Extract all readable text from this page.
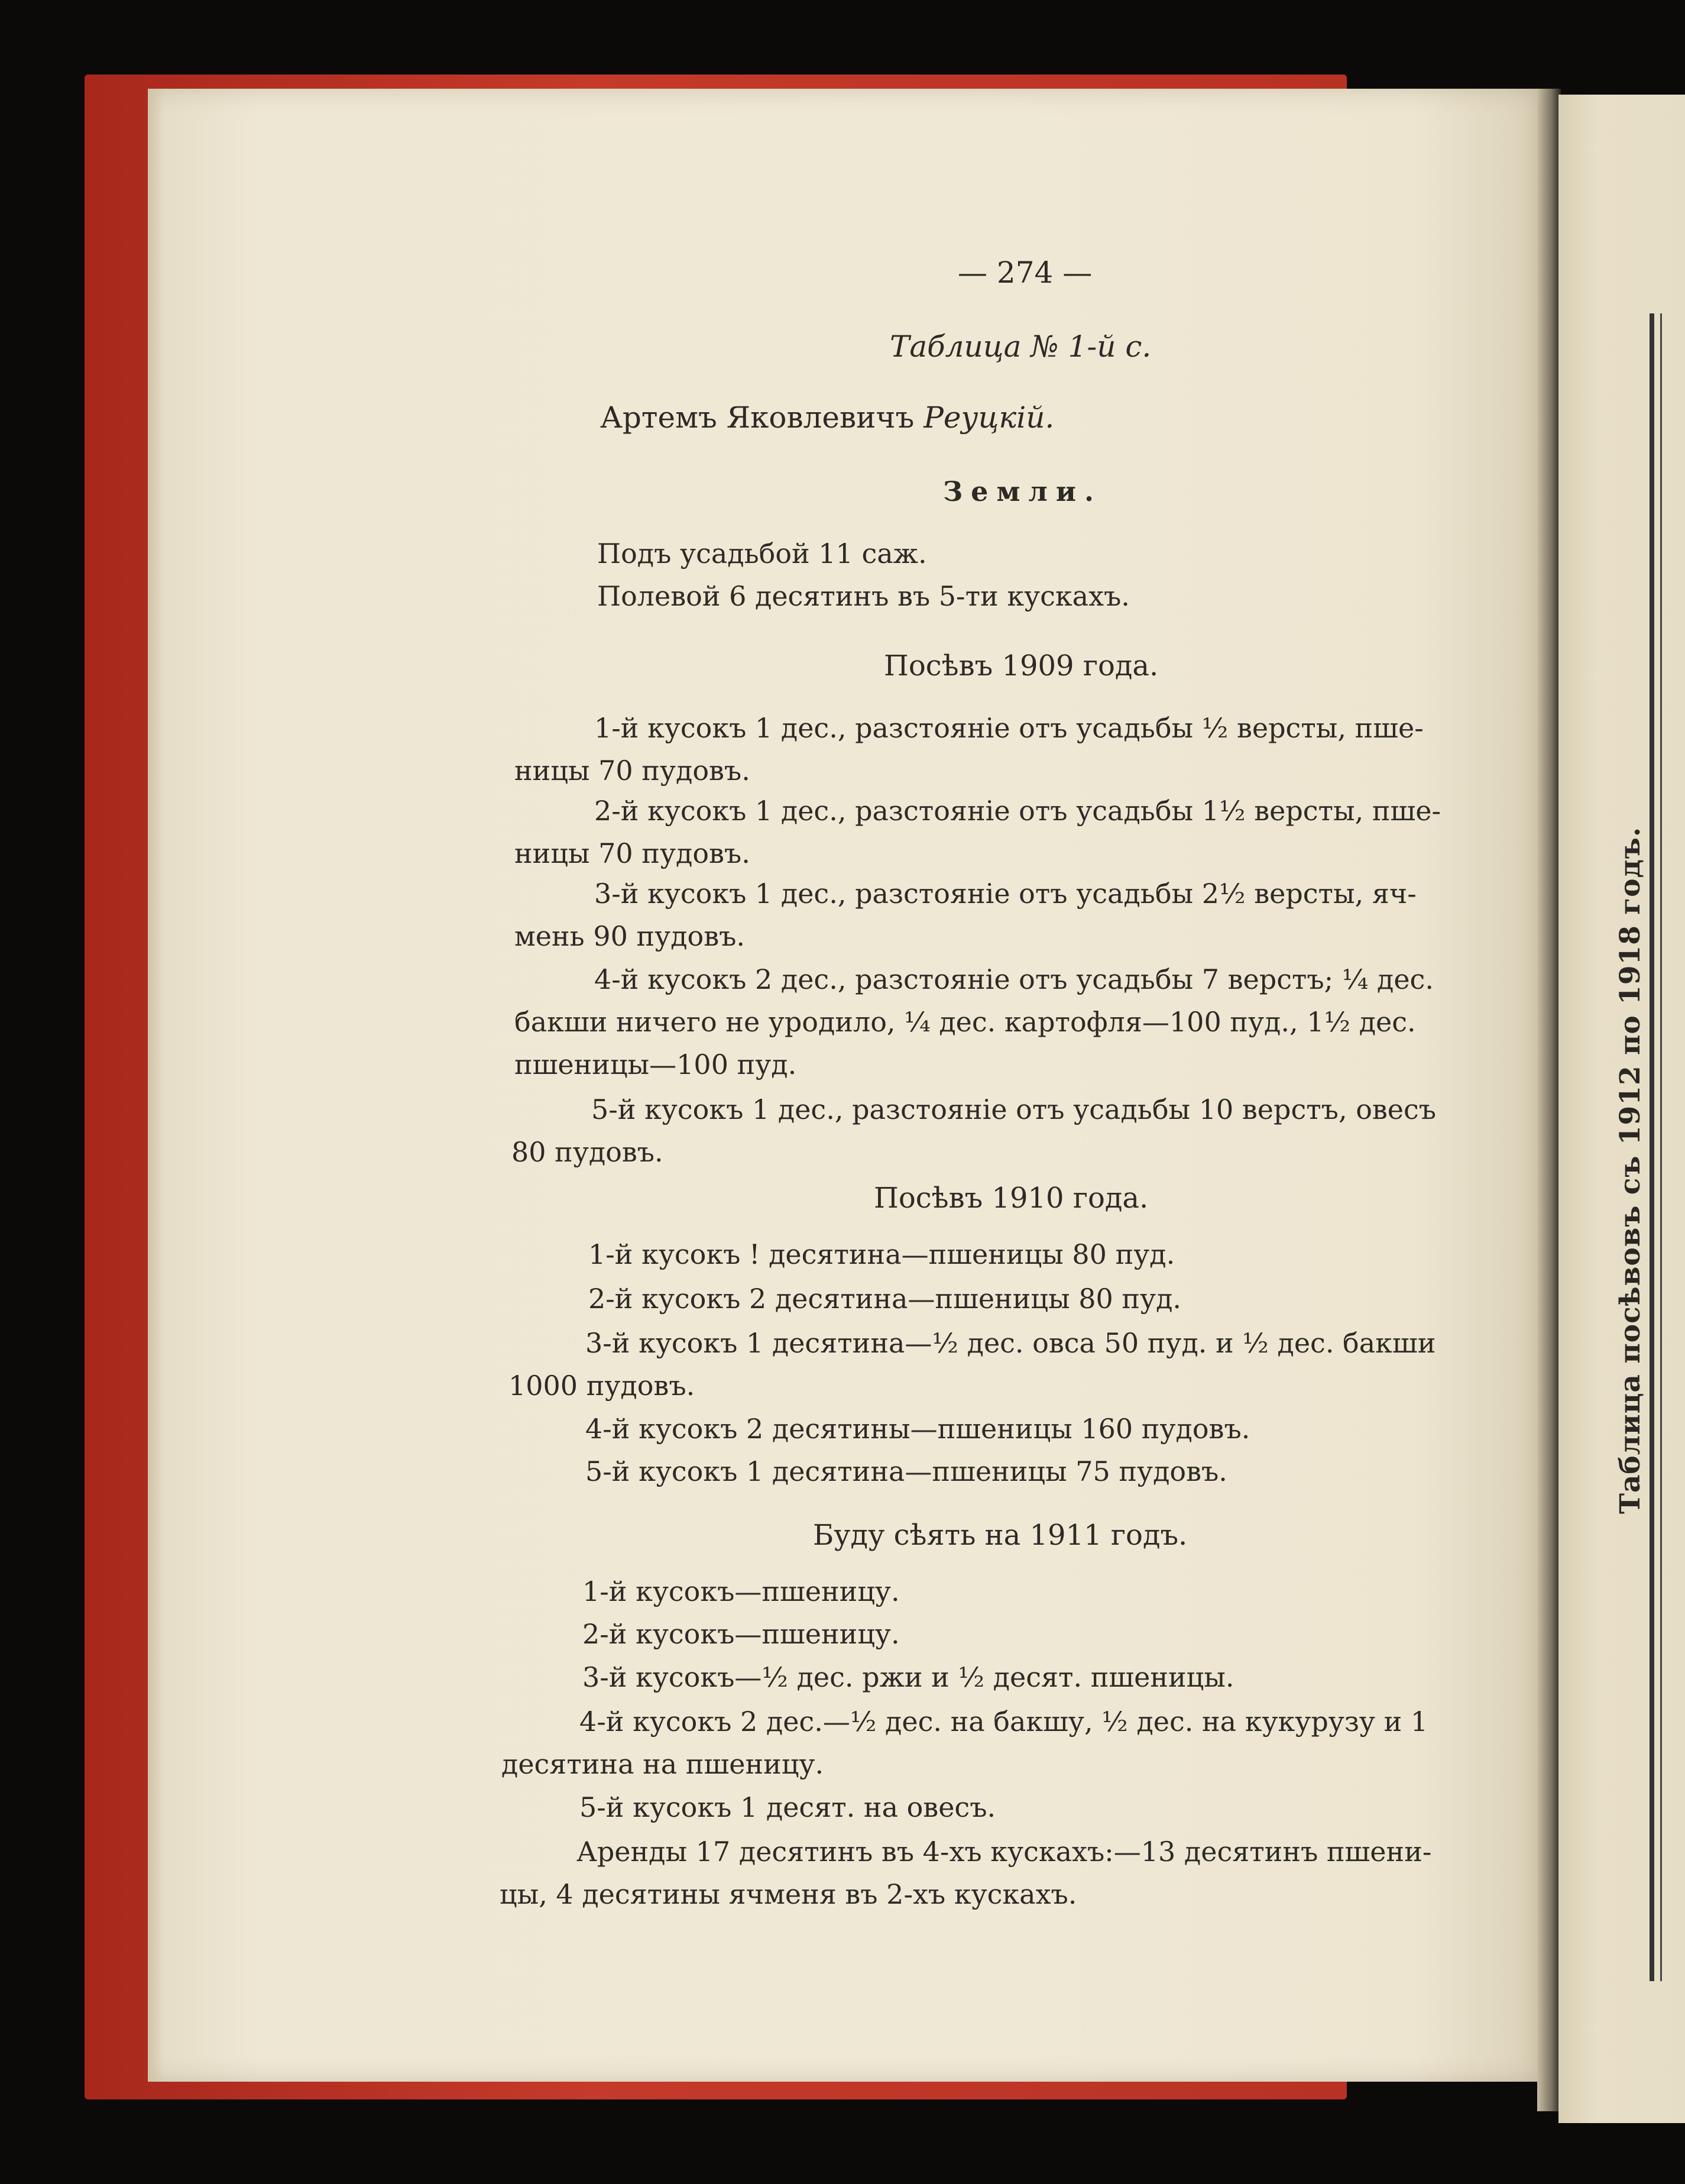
Таблица посѣвовъ съ 1912 по 1918 годъ.
— 274 —
Таблица № 1-й с.
Артемъ Яковлевичъ Реуцкій.
Земли.
Подъ усадьбой 11 саж.
Полевой 6 десятинъ въ 5-ти кускахъ.
Посѣвъ 1909 года.
1-й кусокъ 1 дес., разстояніе отъ усадьбы ½ версты, пше-
ницы 70 пудовъ.
2-й кусокъ 1 дес., разстояніе отъ усадьбы 1½ версты, пше-
ницы 70 пудовъ.
3-й кусокъ 1 дес., разстояніе отъ усадьбы 2½ версты, яч-
мень 90 пудовъ.
4-й кусокъ 2 дес., разстояніе отъ усадьбы 7 верстъ; ¼ дес.
бакши ничего не уродило, ¼ дес. картофля—100 пуд., 1½ дес.
пшеницы—100 пуд.
5-й кусокъ 1 дес., разстояніе отъ усадьбы 10 верстъ, овесъ
80 пудовъ.
Посѣвъ 1910 года.
1-й кусокъ ! десятина—пшеницы 80 пуд.
2-й кусокъ 2 десятина—пшеницы 80 пуд.
3-й кусокъ 1 десятина—½ дес. овса 50 пуд. и ½ дес. бакши
1000 пудовъ.
4-й кусокъ 2 десятины—пшеницы 160 пудовъ.
5-й кусокъ 1 десятина—пшеницы 75 пудовъ.
Буду сѣять на 1911 годъ.
1-й кусокъ—пшеницу.
2-й кусокъ—пшеницу.
3-й кусокъ—½ дес. ржи и ½ десят. пшеницы.
4-й кусокъ 2 дес.—½ дес. на бакшу, ½ дес. на кукурузу и 1
десятина на пшеницу.
5-й кусокъ 1 десят. на овесъ.
Аренды 17 десятинъ въ 4-хъ кускахъ:—13 десятинъ пшени-
цы, 4 десятины ячменя въ 2-хъ кускахъ.
